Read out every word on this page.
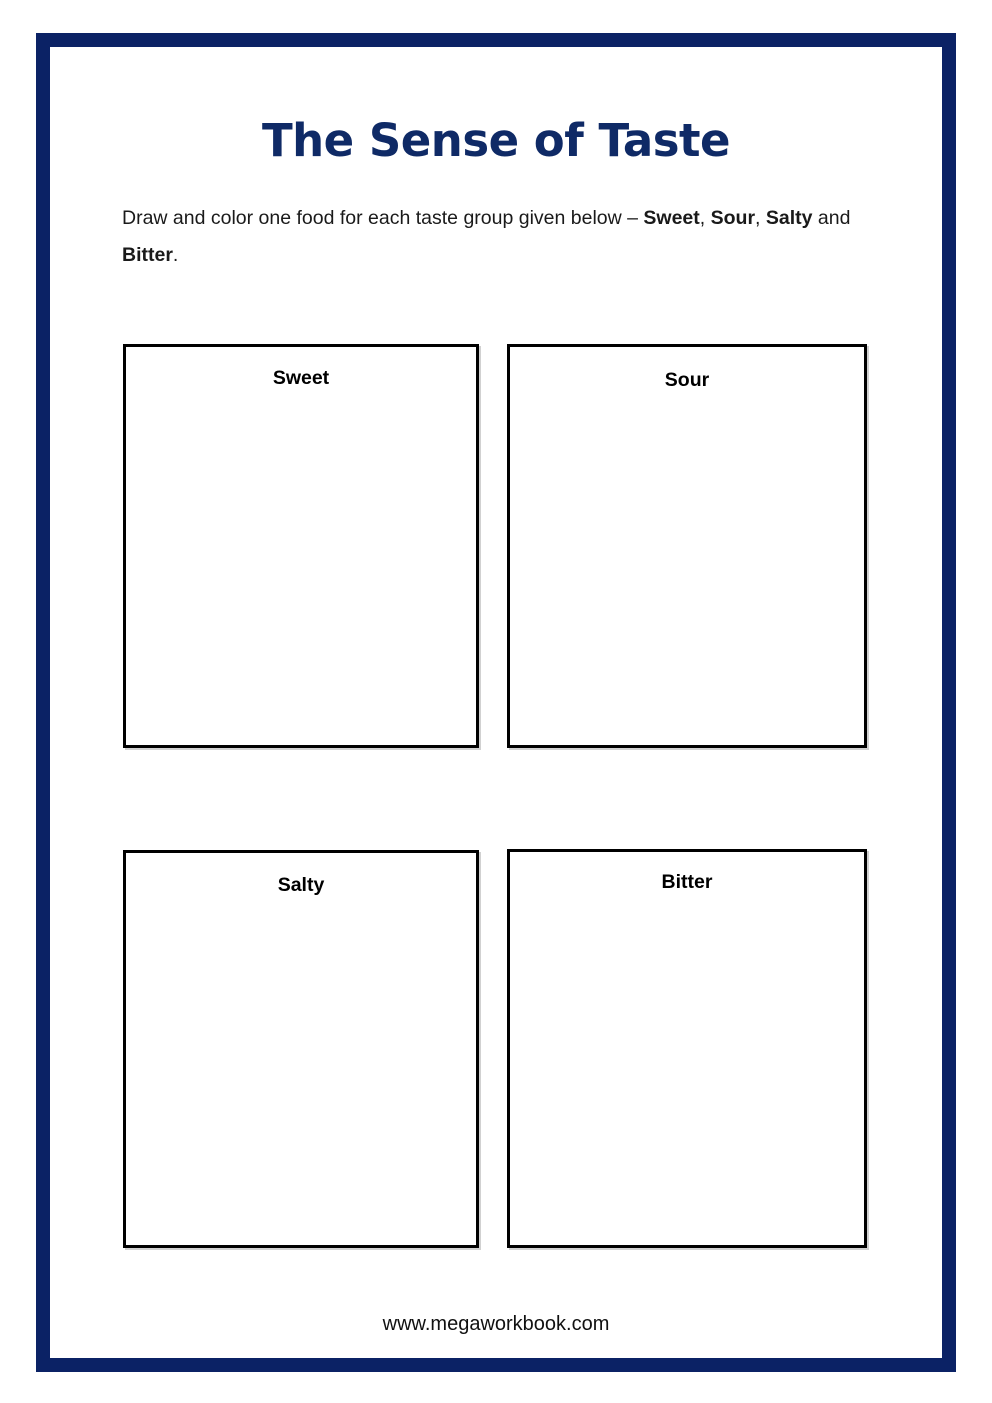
The Sense of Taste
Draw and color one food for each taste group given below – Sweet, Sour, Salty and Bitter.
Sweet	Sour
Salty	Bitter
www.megaworkbook.com
